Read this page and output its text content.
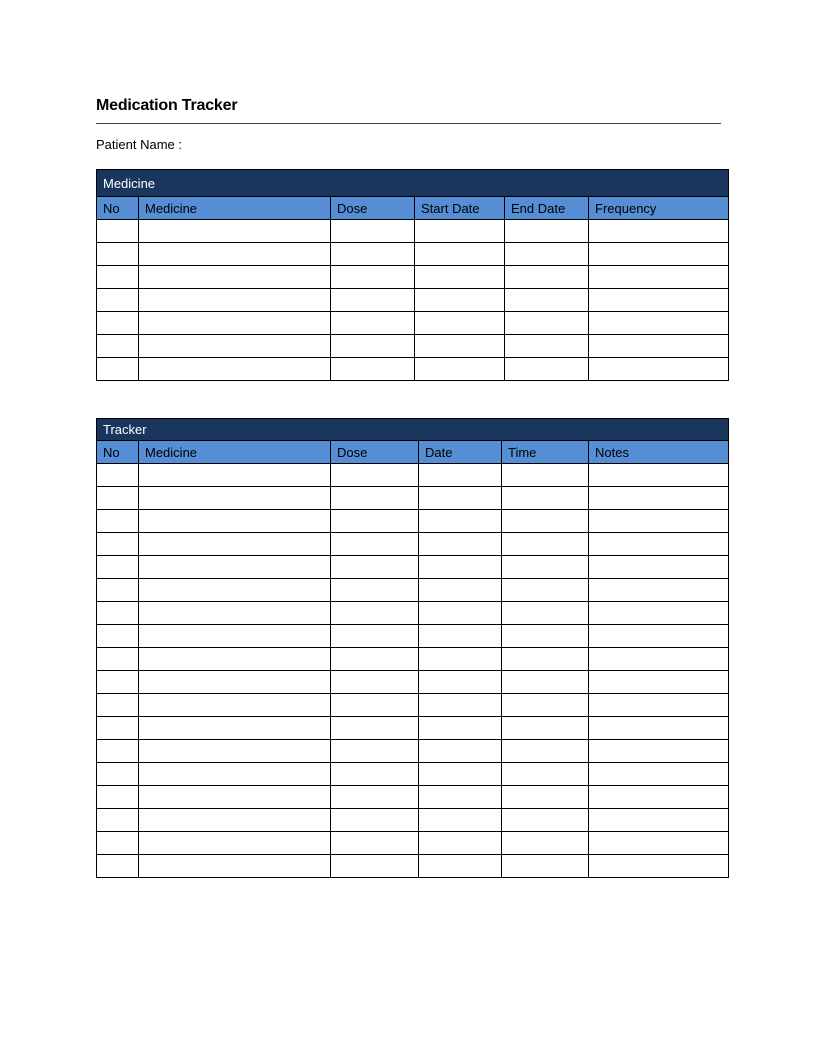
Medication Tracker
Patient Name :
Medicine					
No	Medicine	Dose	Start Date	End Date	Frequency

Tracker					
No	Medicine	Dose	Date	Time	Notes
